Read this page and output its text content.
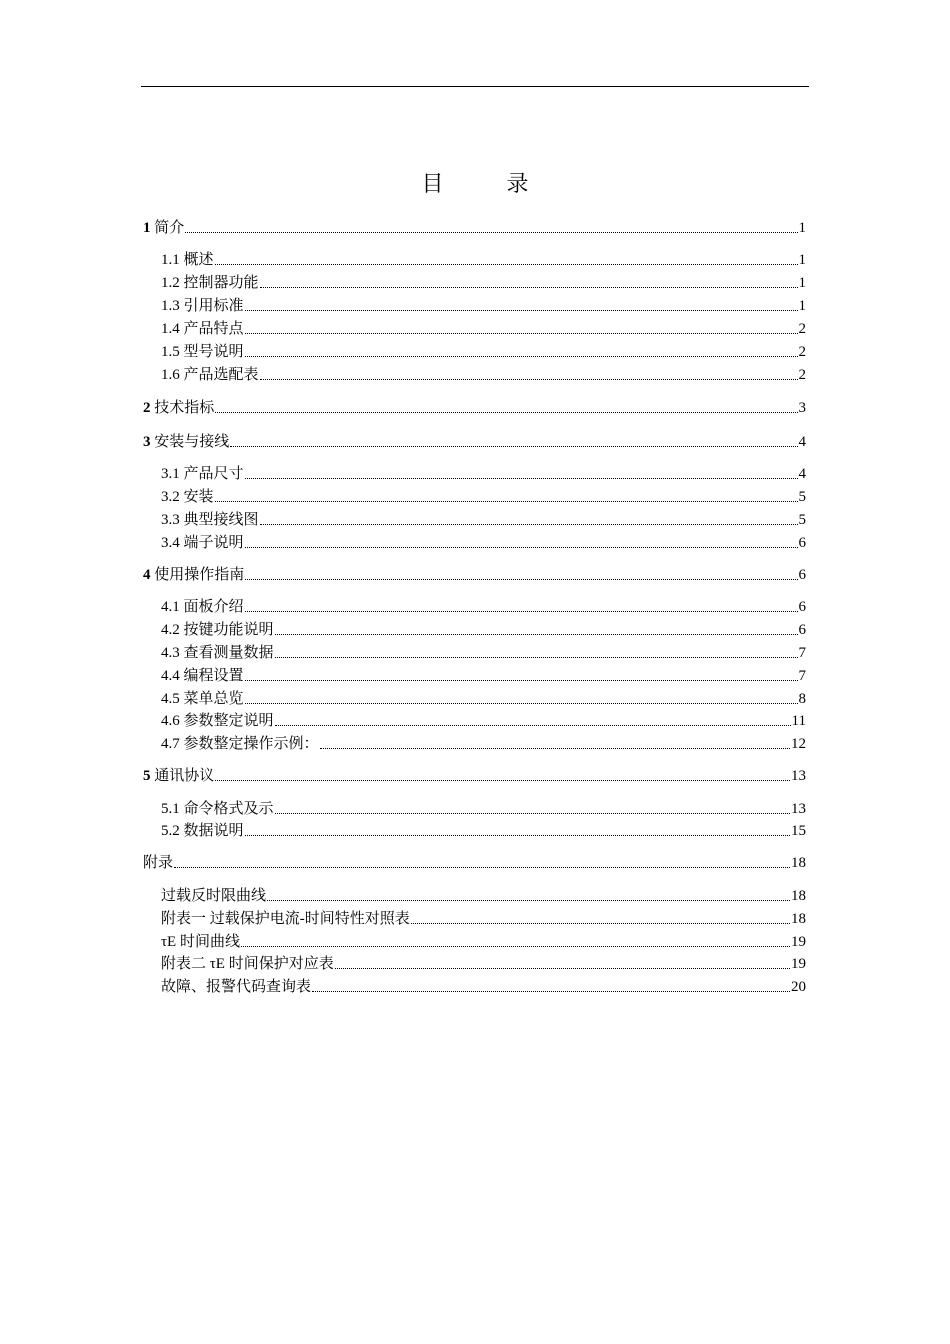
目 录
1 简介	1
1.1 概述	1
1.2 控制器功能	1
1.3 引用标准	1
1.4 产品特点	2
1.5 型号说明	2
1.6 产品选配表	2
2 技术指标	3
3 安装与接线	4
3.1 产品尺寸	4
3.2 安装	5
3.3 典型接线图	5
3.4 端子说明	6
4 使用操作指南	6
4.1 面板介绍	6
4.2 按键功能说明	6
4.3 查看测量数据	7
4.4 编程设置	7
4.5 菜单总览	8
4.6 参数整定说明	11
4.7 参数整定操作示例：	12
5 通讯协议	13
5.1 命令格式及示	13
5.2 数据说明	15
附录	18
过载反时限曲线	18
附表一 过载保护电流-时间特性对照表	18
τE 时间曲线	19
附表二 τE 时间保护对应表	19
故障、报警代码查询表	20
